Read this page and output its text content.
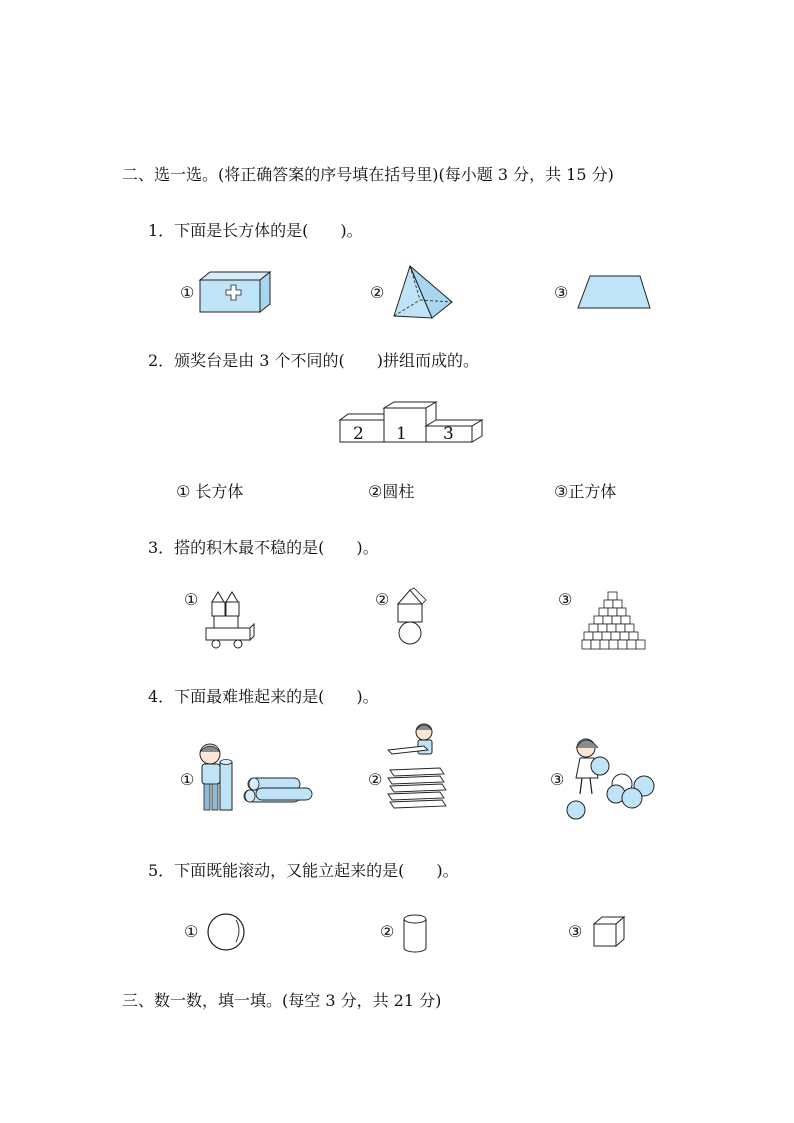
二、选一选。(将正确答案的序号填在括号里)(每小题 3 分，共 15 分)
1．下面是长方体的是(　　)。
①	②	③
2．颁奖台是由 3 个不同的(　　)拼组而成的。
2 1 3
① 长方体	②圆柱	③正方体
3．搭的积木最不稳的是(　　)。
①	②	③
4．下面最难堆起来的是(　　)。
①	②	③
5．下面既能滚动，又能立起来的是(　　)。
①	②	③
三、数一数，填一填。(每空 3 分，共 21 分)
